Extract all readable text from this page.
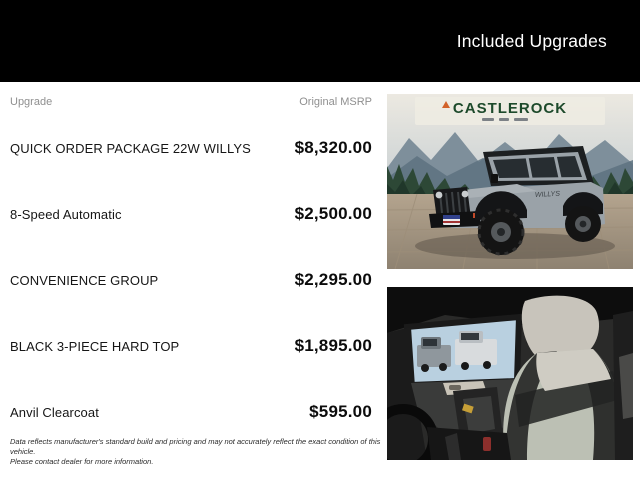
Included Upgrades
Upgrade	Original MSRP
QUICK ORDER PACKAGE 22W WILLYS	$8,320.00
8-Speed Automatic	$2,500.00
CONVENIENCE GROUP	$2,295.00
BLACK 3-PIECE HARD TOP	$1,895.00
Anvil Clearcoat	$595.00
Data reflects manufacturer's standard build and pricing and may not accurately reflect the exact condition of this vehicle.
Please contact dealer for more information.
CASTLEROCK
WILLYS
